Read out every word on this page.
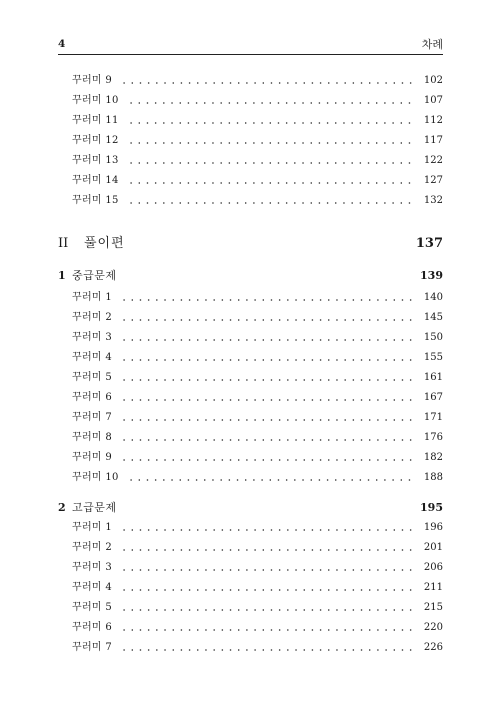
4	차례
꾸러미 9	102
꾸러미 10	107
꾸러미 11	112
꾸러미 12	117
꾸러미 13	122
꾸러미 14	127
꾸러미 15	132
II 풀이편	137
1 중급문제	139
꾸러미 1	140
꾸러미 2	145
꾸러미 3	150
꾸러미 4	155
꾸러미 5	161
꾸러미 6	167
꾸러미 7	171
꾸러미 8	176
꾸러미 9	182
꾸러미 10	188
2 고급문제	195
꾸러미 1	196
꾸러미 2	201
꾸러미 3	206
꾸러미 4	211
꾸러미 5	215
꾸러미 6	220
꾸러미 7	226
